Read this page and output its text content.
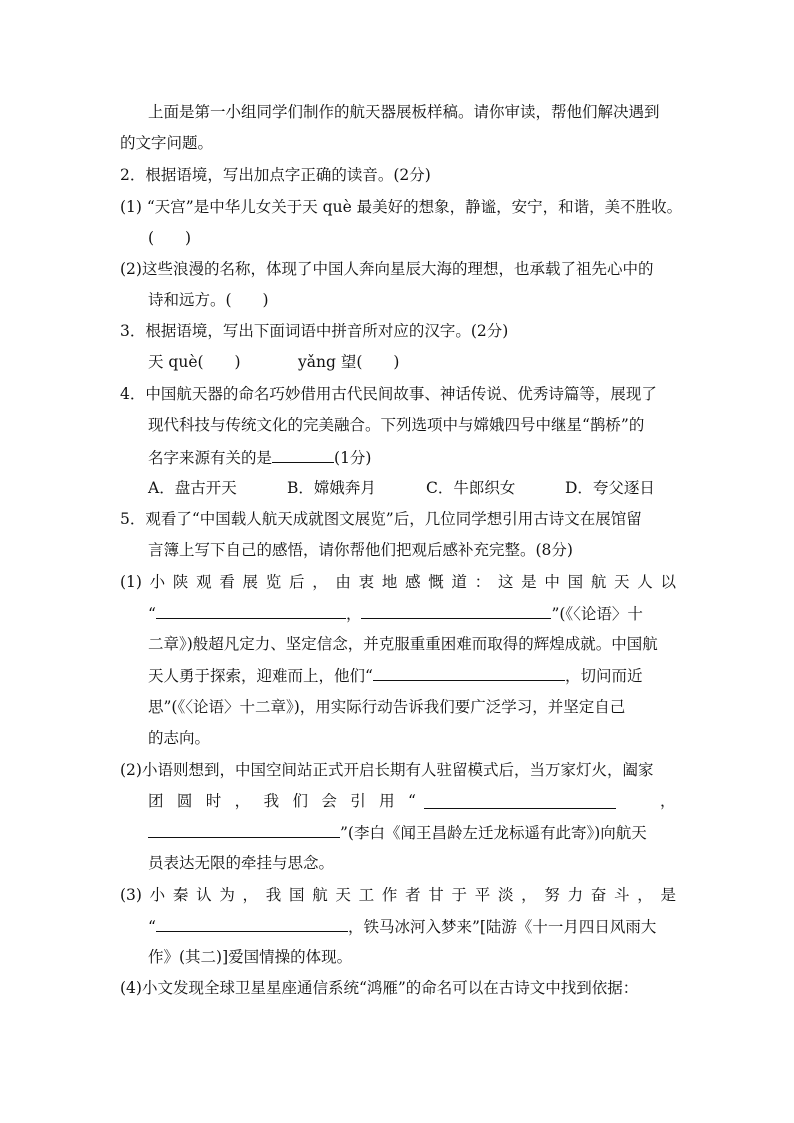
上面是第一小组同学们制作的航天器展板样稿。请你审读，帮他们解决遇到
的文字问题。
2．根据语境，写出加点字正确的读音。(2分)
(1) “天宫”是中华儿女关于天 què 最美好的想象，静谧，安宁，和谐，美不胜收。
(　　)
(2)这些浪漫的名称，体现了中国人奔向星辰大海的理想，也承载了祖先心中的
诗和远方。(　　)
3．根据语境，写出下面词语中拼音所对应的汉字。(2分)
天 què(　　)	yǎng 望(　　)
4．中国航天器的命名巧妙借用古代民间故事、神话传说、优秀诗篇等，展现了
现代科技与传统文化的完美融合。下列选项中与嫦娥四号中继星“鹊桥”的
名字来源有关的是	(1分)
A．盘古开天	B．嫦娥奔月	C．牛郎织女	D．夸父逐日
5．观看了“中国载人航天成就图文展览”后，几位同学想引用古诗文在展馆留
言簿上写下自己的感悟，请你帮他们把观后感补充完整。(8分)
(1) 小 陕 观 看 展 览 后 ， 由 衷 地 感 慨 道 ： 这 是 中 国 航 天 人 以
“	，	”(《〈论语〉十
二章》)般超凡定力、坚定信念，并克服重重困难而取得的辉煌成就。中国航
天人勇于探索，迎难而上，他们“	，切问而近
思”(《〈论语〉十二章》)，用实际行动告诉我们要广泛学习，并坚定自己
的志向。
(2)小语则想到，中国空间站正式开启长期有人驻留模式后，当万家灯火，阖家
团 圆 时 ， 我 们 会 引 用 “	，
”(李白《闻王昌龄左迁龙标遥有此寄》)向航天
员表达无限的牵挂与思念。
(3) 小 秦 认 为 ， 我 国 航 天 工 作 者 甘 于 平 淡 ， 努 力 奋 斗 ， 是
“	，铁马冰河入梦来”[陆游《十一月四日风雨大
作》(其二)]爱国情操的体现。
(4)小文发现全球卫星星座通信系统“鸿雁”的命名可以在古诗文中找到依据：
